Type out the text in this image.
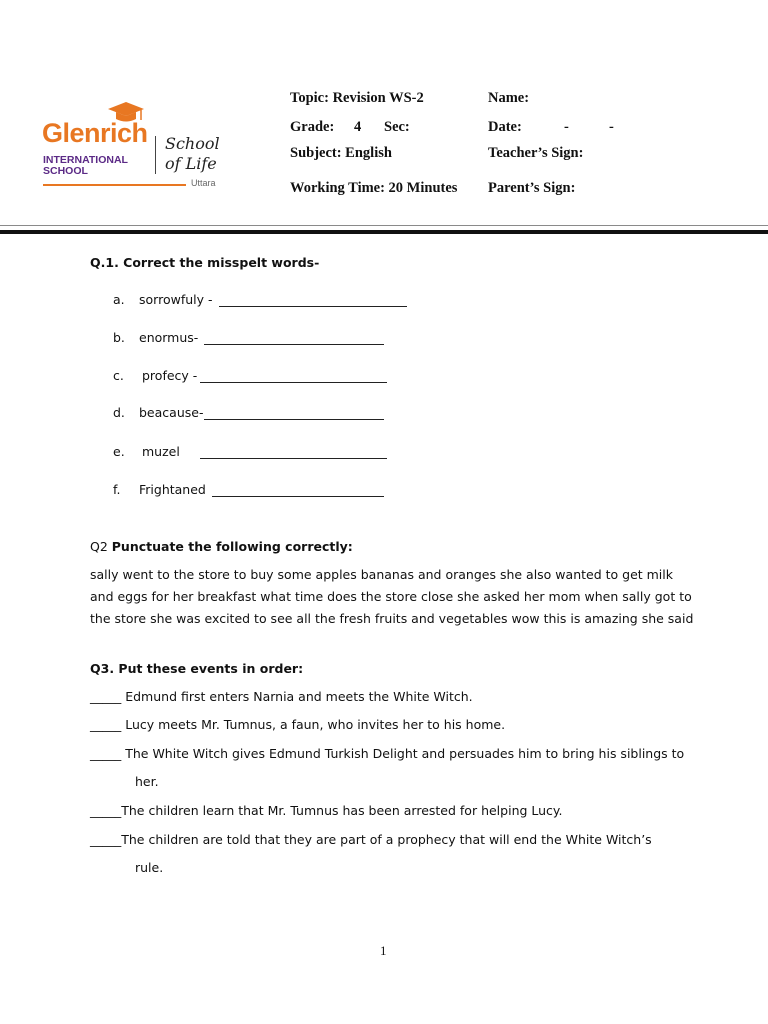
Glenrich
INTERNATIONAL
SCHOOL
School
of Life
Uttara
Topic: Revision WS-2
Grade: 4 Sec:
Subject: English
Working Time: 20 Minutes
Name:
Date:	-	-
Teacher’s Sign:
Parent’s Sign:
Q.1. Correct the misspelt words-
a. sorrowfuly -
b. enormus-
c. profecy -
d. beacause-
e. muzel
f. Frightaned
Q2 Punctuate the following correctly:
sally went to the store to buy some apples bananas and oranges she also wanted to get milk
and eggs for her breakfast what time does the store close she asked her mom when sally got to
the store she was excited to see all the fresh fruits and vegetables wow this is amazing she said
Q3. Put these events in order:
_____ Edmund first enters Narnia and meets the White Witch.
_____ Lucy meets Mr. Tumnus, a faun, who invites her to his home.
_____ The White Witch gives Edmund Turkish Delight and persuades him to bring his siblings to
her.
_____The children learn that Mr. Tumnus has been arrested for helping Lucy.
_____The children are told that they are part of a prophecy that will end the White Witch’s
rule.
1
